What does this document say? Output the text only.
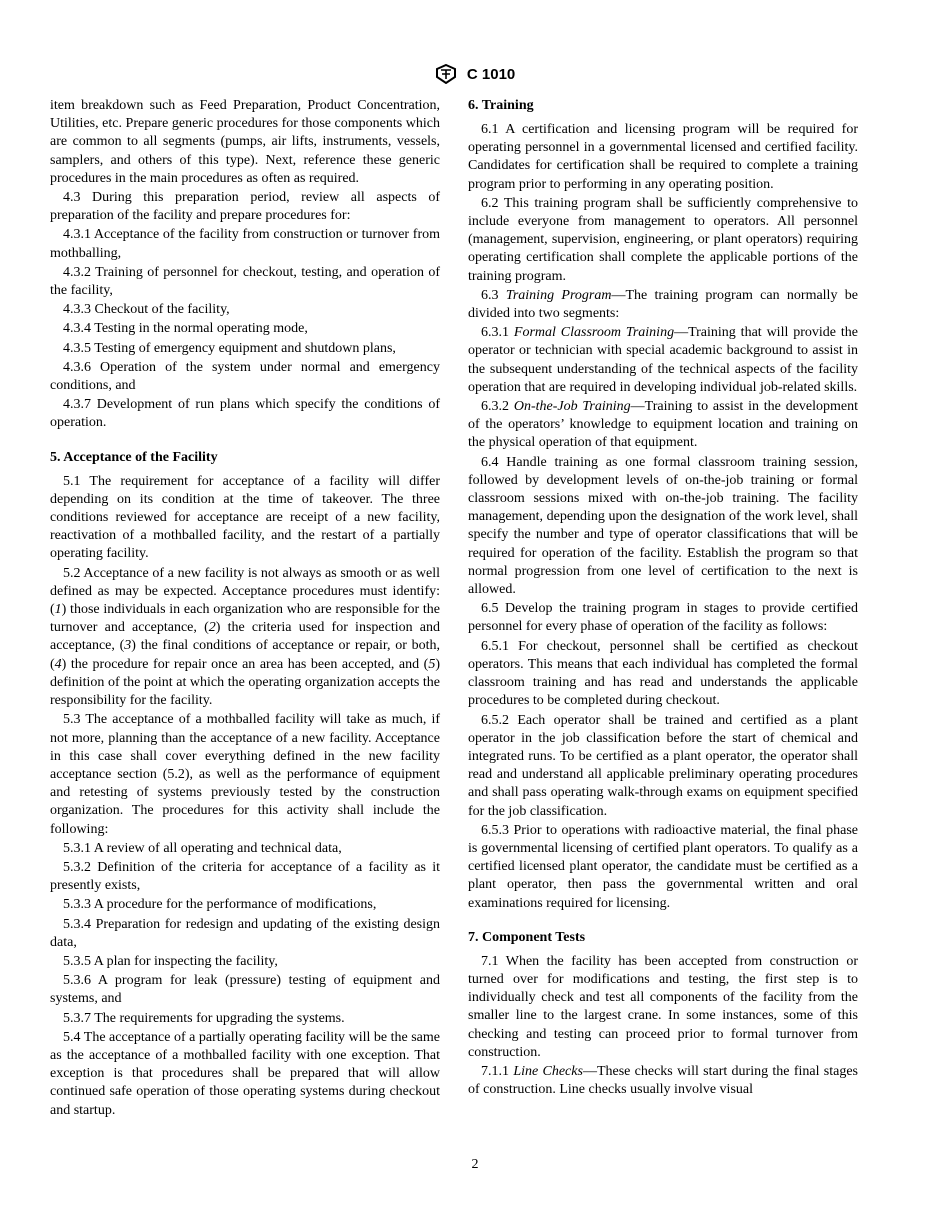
C 1010

item breakdown such as Feed Preparation, Product Concentration, Utilities, etc. Prepare generic procedures for those components which are common to all segments (pumps, air lifts, instruments, vessels, samplers, and others of this type). Next, reference these generic procedures in the main procedures as often as required.

4.3 During this preparation period, review all aspects of preparation of the facility and prepare procedures for:

4.3.1 Acceptance of the facility from construction or turnover from mothballing,

4.3.2 Training of personnel for checkout, testing, and operation of the facility,

4.3.3 Checkout of the facility,

4.3.4 Testing in the normal operating mode,

4.3.5 Testing of emergency equipment and shutdown plans,

4.3.6 Operation of the system under normal and emergency conditions, and

4.3.7 Development of run plans which specify the conditions of operation.

5. Acceptance of the Facility

5.1 The requirement for acceptance of a facility will differ depending on its condition at the time of takeover. The three conditions reviewed for acceptance are receipt of a new facility, reactivation of a mothballed facility, and the restart of a partially operating facility.

5.2 Acceptance of a new facility is not always as smooth or as well defined as may be expected. Acceptance procedures must identify: (1) those individuals in each organization who are responsible for the turnover and acceptance, (2) the criteria used for inspection and acceptance, (3) the final conditions of acceptance or repair, or both, (4) the procedure for repair once an area has been accepted, and (5) definition of the point at which the operating organization accepts the responsibility for the facility.

5.3 The acceptance of a mothballed facility will take as much, if not more, planning than the acceptance of a new facility. Acceptance in this case shall cover everything defined in the new facility acceptance section (5.2), as well as the performance of equipment and retesting of systems previously tested by the construction organization. The procedures for this activity shall include the following:

5.3.1 A review of all operating and technical data,

5.3.2 Definition of the criteria for acceptance of a facility as it presently exists,

5.3.3 A procedure for the performance of modifications,

5.3.4 Preparation for redesign and updating of the existing design data,

5.3.5 A plan for inspecting the facility,

5.3.6 A program for leak (pressure) testing of equipment and systems, and

5.3.7 The requirements for upgrading the systems.

5.4 The acceptance of a partially operating facility will be the same as the acceptance of a mothballed facility with one exception. That exception is that procedures shall be prepared that will allow continued safe operation of those operating systems during checkout and startup.

6. Training

6.1 A certification and licensing program will be required for operating personnel in a governmental licensed and certified facility. Candidates for certification shall be required to complete a training program prior to performing in any operating position.

6.2 This training program shall be sufficiently comprehensive to include everyone from management to operators. All personnel (management, supervision, engineering, or plant operators) requiring operating certification shall complete the applicable portions of the training program.

6.3 Training Program—The training program can normally be divided into two segments:

6.3.1 Formal Classroom Training—Training that will provide the operator or technician with special academic background to assist in the subsequent understanding of the technical aspects of the facility operation that are required in developing individual job-related skills.

6.3.2 On-the-Job Training—Training to assist in the development of the operators’ knowledge to equipment location and training on the physical operation of that equipment.

6.4 Handle training as one formal classroom training session, followed by development levels of on-the-job training or formal classroom sessions mixed with on-the-job training. The facility management, depending upon the designation of the work level, shall specify the number and type of operator classifications that will be required for operation of the facility. Establish the program so that normal progression from one level of certification to the next is allowed.

6.5 Develop the training program in stages to provide certified personnel for every phase of operation of the facility as follows:

6.5.1 For checkout, personnel shall be certified as checkout operators. This means that each individual has completed the formal classroom training and has read and understands the applicable procedures to be completed during checkout.

6.5.2 Each operator shall be trained and certified as a plant operator in the job classification before the start of chemical and integrated runs. To be certified as a plant operator, the operator shall read and understand all applicable preliminary operating procedures and shall pass operating walk-through exams on equipment specified for the job classification.

6.5.3 Prior to operations with radioactive material, the final phase is governmental licensing of certified plant operators. To qualify as a certified licensed plant operator, the candidate must be certified as a plant operator, then pass the governmental written and oral examinations required for licensing.

7. Component Tests

7.1 When the facility has been accepted from construction or turned over for modifications and testing, the first step is to individually check and test all components of the facility from the smaller line to the largest crane. In some instances, some of this checking and testing can proceed prior to formal turnover from construction.

7.1.1 Line Checks—These checks will start during the final stages of construction. Line checks usually involve visual

2
